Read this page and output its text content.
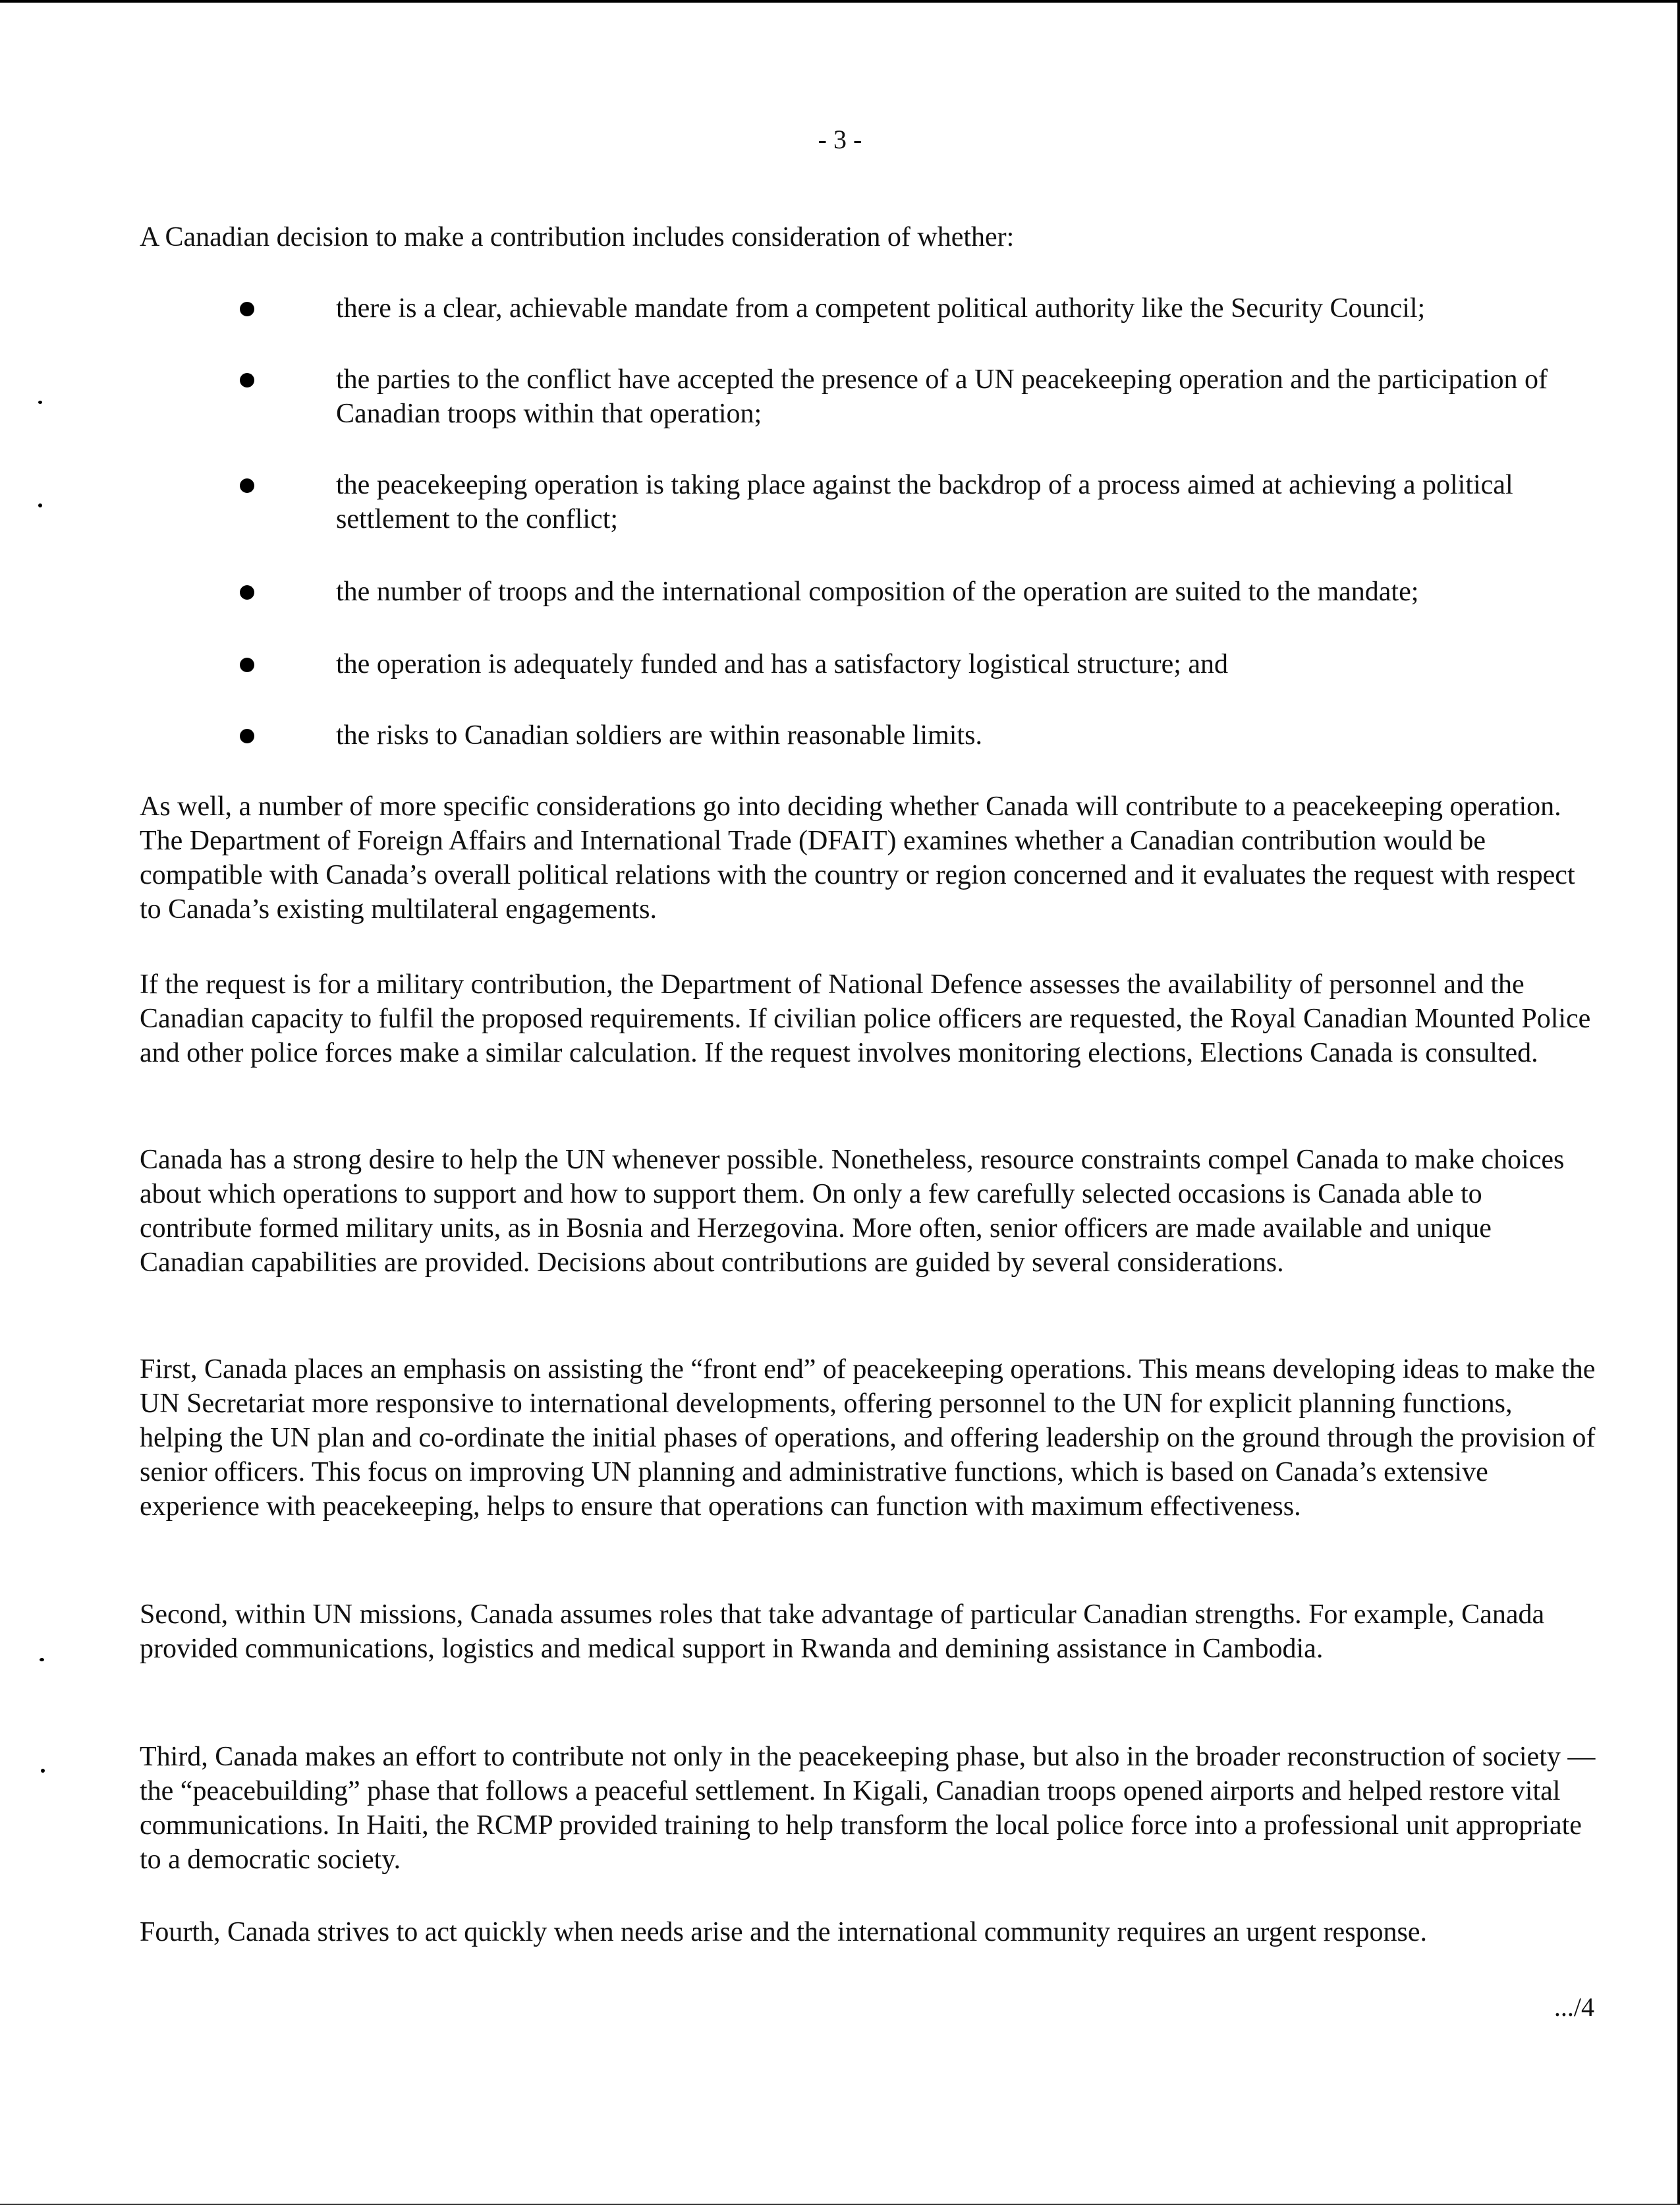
- 3 -

A Canadian decision to make a contribution includes consideration of whether:

there is a clear, achievable mandate from a competent political authority like the Security Council;

the parties to the conflict have accepted the presence of a UN peacekeeping operation and the participation of Canadian troops within that operation;

the peacekeeping operation is taking place against the backdrop of a process aimed at achieving a political settlement to the conflict;

the number of troops and the international composition of the operation are suited to the mandate;

the operation is adequately funded and has a satisfactory logistical structure; and

the risks to Canadian soldiers are within reasonable limits.

As well, a number of more specific considerations go into deciding whether Canada will contribute to a peacekeeping operation. The Department of Foreign Affairs and International Trade (DFAIT) examines whether a Canadian contribution would be compatible with Canada’s overall political relations with the country or region concerned and it evaluates the request with respect to Canada’s existing multilateral engagements.

If the request is for a military contribution, the Department of National Defence assesses the availability of personnel and the Canadian capacity to fulfil the proposed requirements. If civilian police officers are requested, the Royal Canadian Mounted Police and other police forces make a similar calculation. If the request involves monitoring elections, Elections Canada is consulted.

Canada has a strong desire to help the UN whenever possible. Nonetheless, resource constraints compel Canada to make choices about which operations to support and how to support them. On only a few carefully selected occasions is Canada able to contribute formed military units, as in Bosnia and Herzegovina. More often, senior officers are made available and unique Canadian capabilities are provided. Decisions about contributions are guided by several considerations.

First, Canada places an emphasis on assisting the “front end” of peacekeeping operations. This means developing ideas to make the UN Secretariat more responsive to international developments, offering personnel to the UN for explicit planning functions, helping the UN plan and co-ordinate the initial phases of operations, and offering leadership on the ground through the provision of senior officers. This focus on improving UN planning and administrative functions, which is based on Canada’s extensive experience with peacekeeping, helps to ensure that operations can function with maximum effectiveness.

Second, within UN missions, Canada assumes roles that take advantage of particular Canadian strengths. For example, Canada provided communications, logistics and medical support in Rwanda and demining assistance in Cambodia.

Third, Canada makes an effort to contribute not only in the peacekeeping phase, but also in the broader reconstruction of society — the “peacebuilding” phase that follows a peaceful settlement. In Kigali, Canadian troops opened airports and helped restore vital communications. In Haiti, the RCMP provided training to help transform the local police force into a professional unit appropriate to a democratic society.

Fourth, Canada strives to act quickly when needs arise and the international community requires an urgent response.

.../4
